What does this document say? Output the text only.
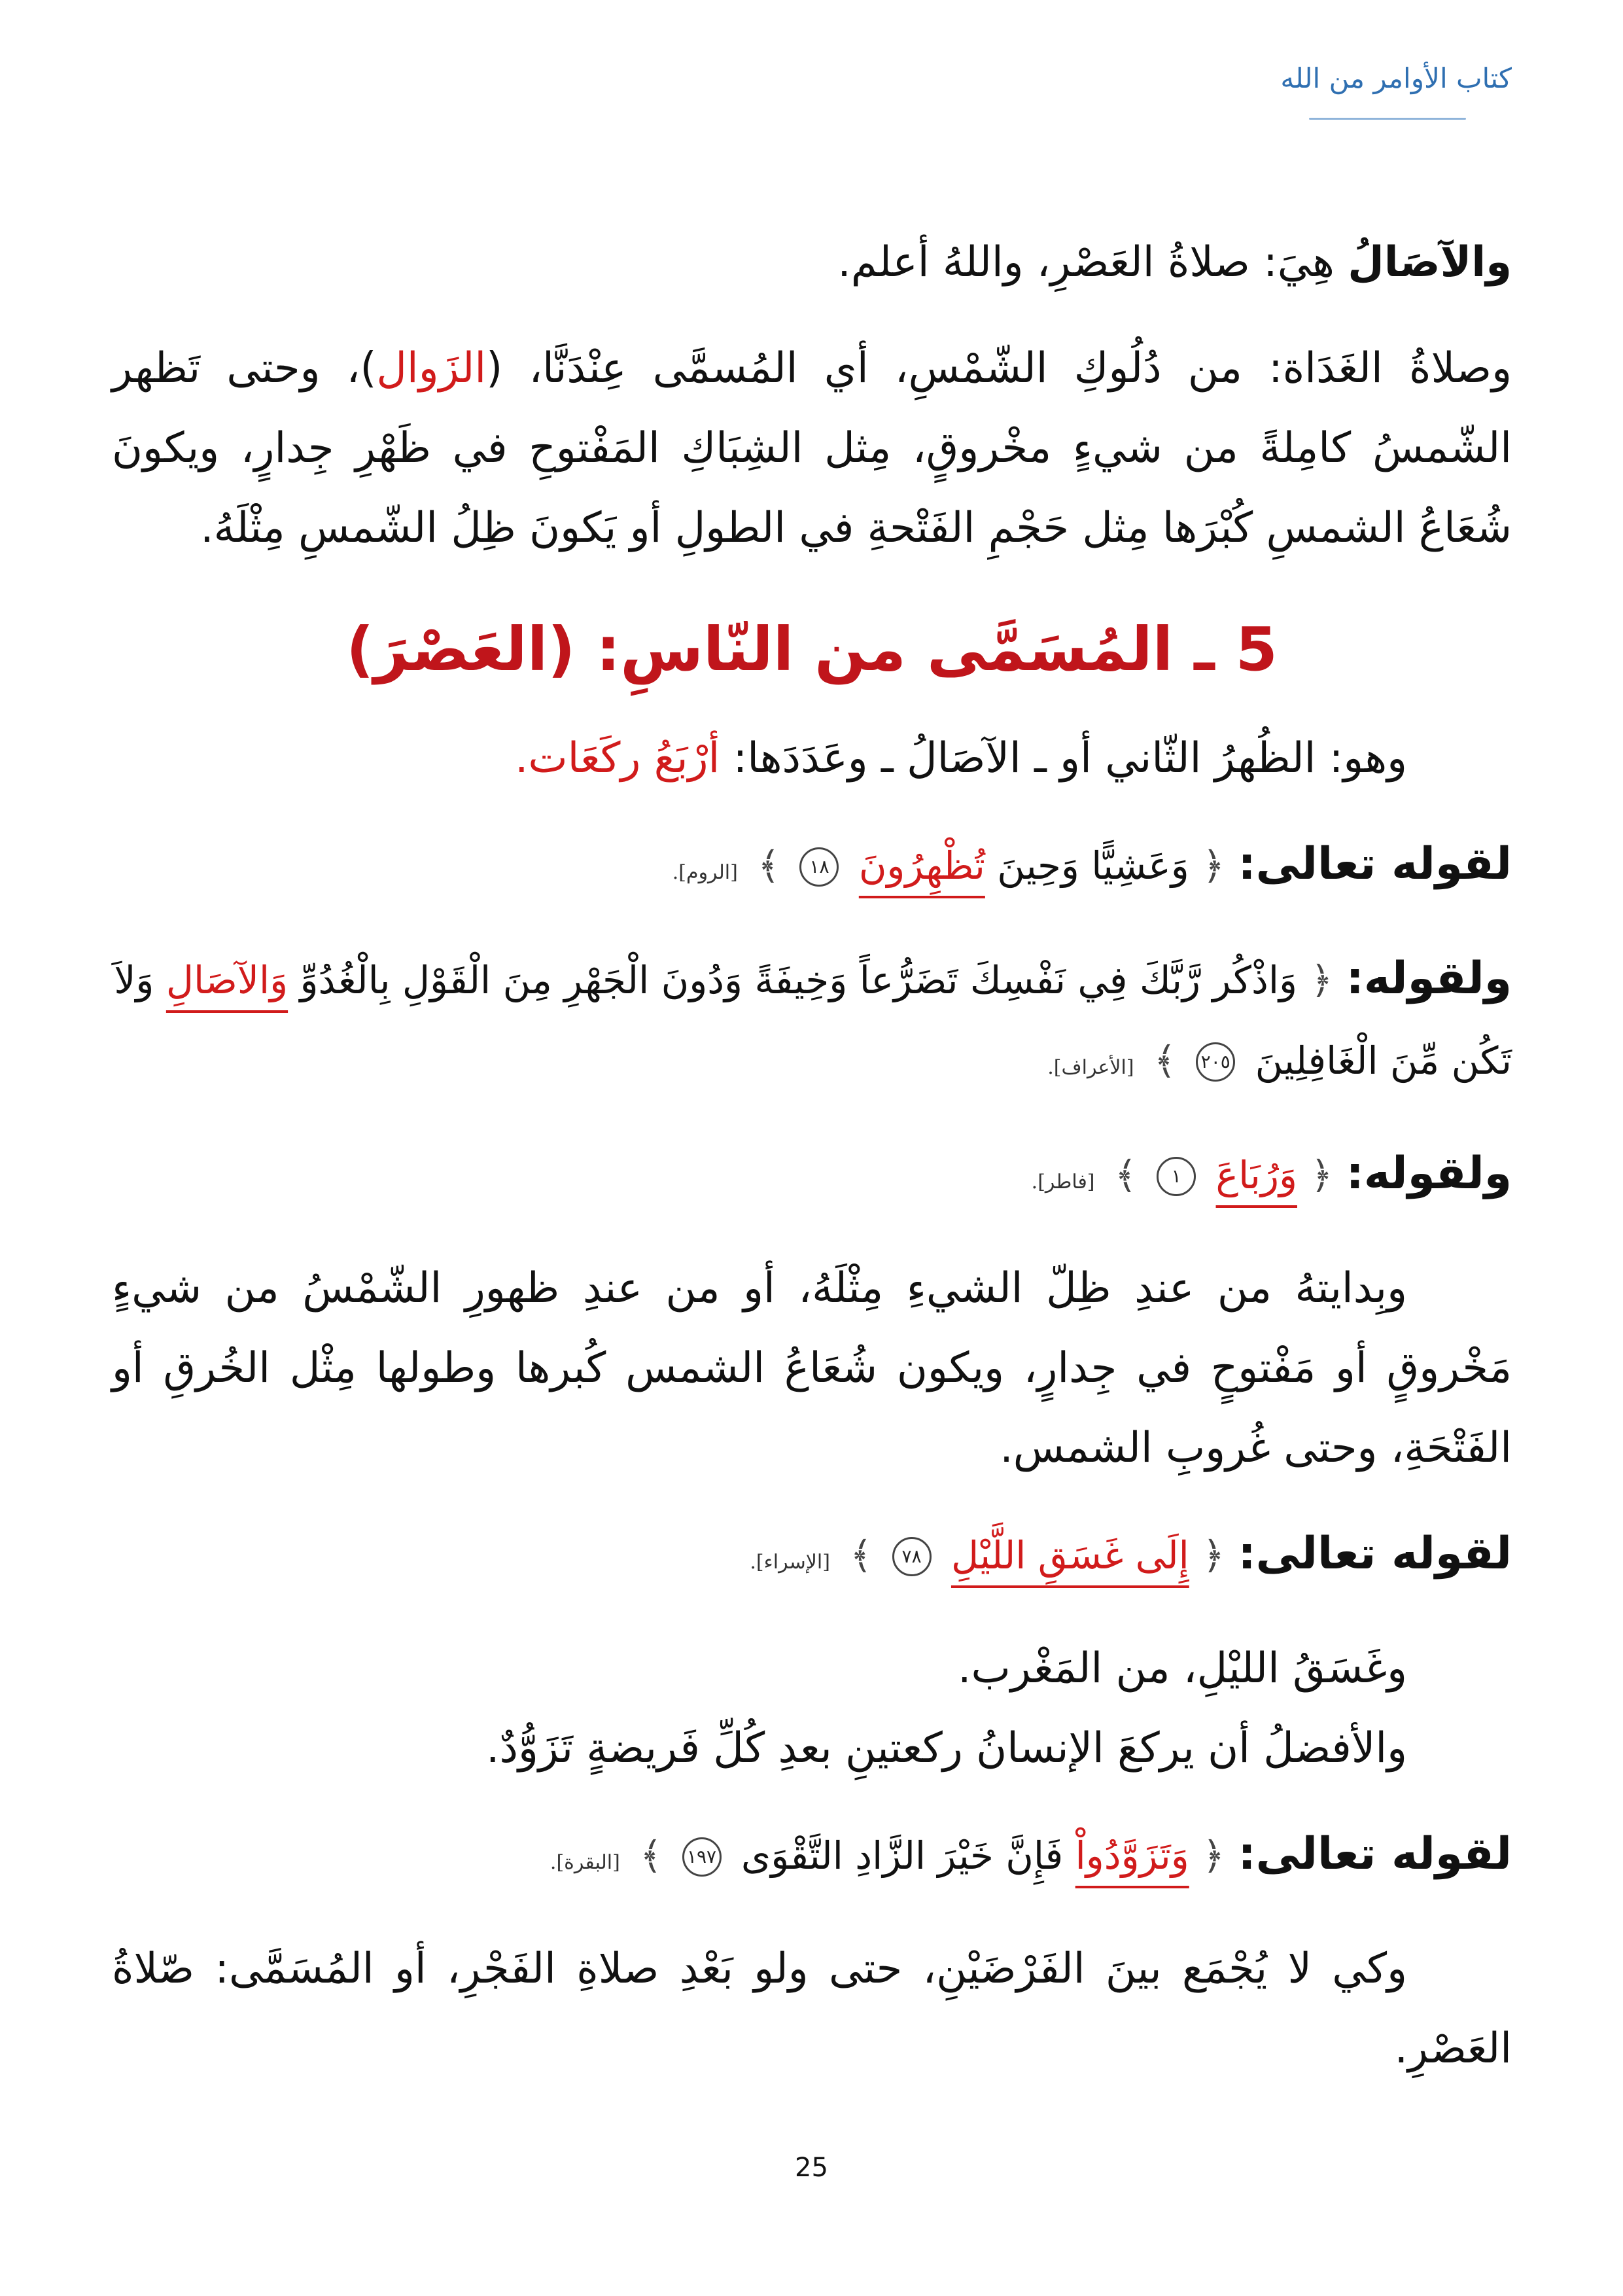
كتاب الأوامر من الله

والآصَالُ هِيَ: صلاةُ العَصْرِ، واللهُ أعلم.

وصلاةُ الغَدَاة: من دُلُوكِ الشّمْسِ، أي المُسمَّى عِنْدَنَّا، (الزَوال)، وحتى تَظهر الشّمسُ كامِلةً من شيءٍ مخْروقٍ، مِثل الشِبَاكِ المَفْتوحِ في ظَهْرِ جِدارٍ، ويكونَ شُعَاعُ الشمسِ كُبْرَها مِثل حَجْمِ الفَتْحةِ في الطولِ أو يَكونَ ظِلُ الشّمسِ مِثْلَهُ.

5 ـ المُسَمَّى من النّاسِ: (العَصْرَ)

وهو: الظُهرُ الثّاني أو ـ الآصَالُ ـ وعَدَدَها: أرْبَعُ ركَعَات.

لقوله تعالى: ﴿ وَعَشِيًّا وَحِينَ تُظْهِرُونَ ١٨ ﴾ [الروم].
ولقوله: ﴿ وَاذْكُر رَّبَّكَ فِي نَفْسِكَ تَضَرُّعاً وَخِيفَةً وَدُونَ الْجَهْرِ مِنَ الْقَوْلِ بِالْغُدُوِّ وَالآصَالِ وَلاَ تَكُن مِّنَ الْغَافِلِينَ ٢٠٥ ﴾ [الأعراف].
ولقوله: ﴿ وَرُبَاعَ ١ ﴾ [فاطر].

وبِدايتهُ من عندِ ظِلّ الشيءِ مِثْلَهُ، أو من عندِ ظهورِ الشّمْسُ من شيءٍ مَخْروقٍ أو مَفْتوحٍ في جِدارٍ، ويكون شُعَاعُ الشمس كُبرها وطولها مِثْل الخُرقِ أو الفَتْحَةِ، وحتى غُروبِ الشمس.

لقوله تعالى: ﴿ إِلَى غَسَقِ اللَّيْلِ ٧٨ ﴾ [الإسراء].

وغَسَقُ الليْلِ، من المَغْرب.

والأفضلُ أن يركعَ الإنسانُ ركعتينِ بعدِ كُلِّ فَريضةٍ تَزَوُّدٌ.

لقوله تعالى: ﴿ وَتَزَوَّدُواْ فَإِنَّ خَيْرَ الزَّادِ التَّقْوَى ١٩٧ ﴾ [البقرة].

وكي لا يُجْمَع بينَ الفَرْضَيْنِ، حتى ولو بَعْدِ صلاةِ الفَجْرِ، أو المُسَمَّى: صّلاةُ العَصْرِ.

25
